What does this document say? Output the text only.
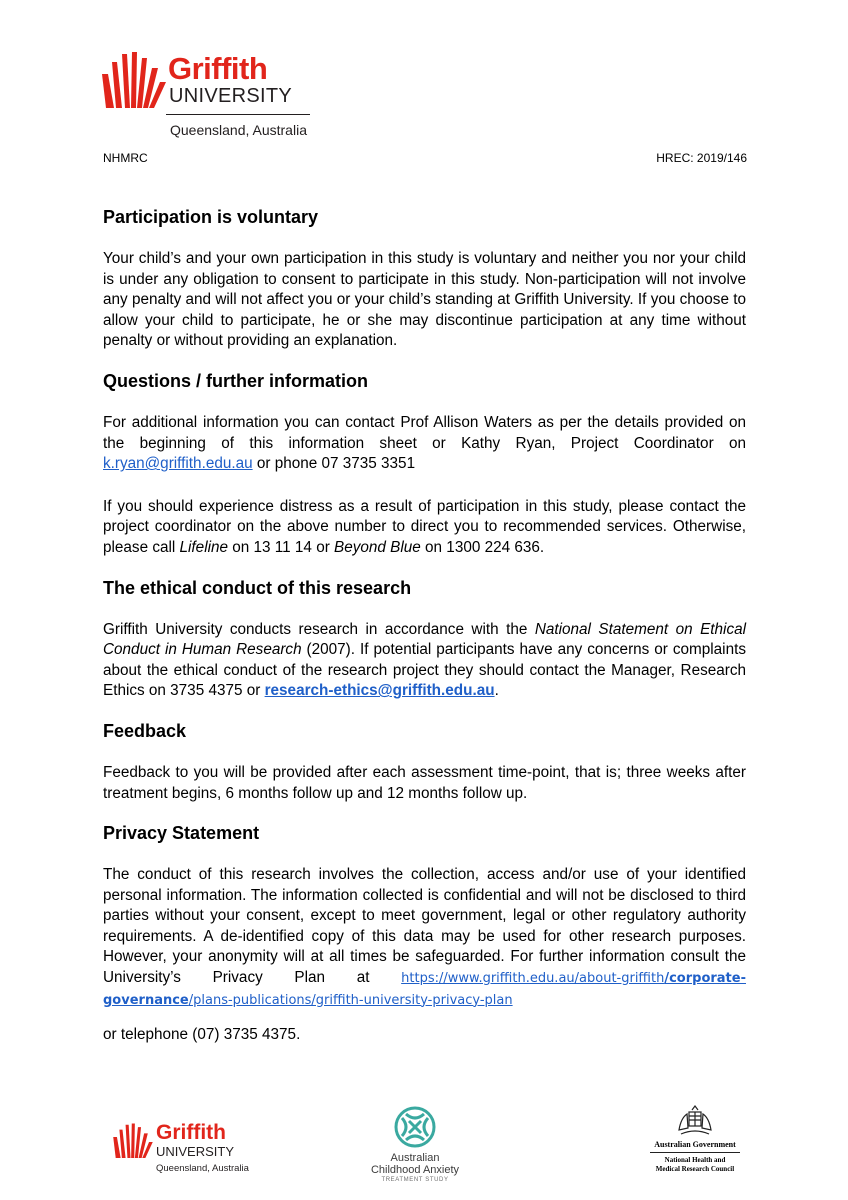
Griffith
UNIVERSITY
Queensland, Australia
NHMRC	HREC: 2019/146
Participation is voluntary

Your child’s and your own participation in this study is voluntary and neither you nor your child is under any obligation to consent to participate in this study. Non-participation will not involve any penalty and will not affect you or your child’s standing at Griffith University. If you choose to allow your child to participate, he or she may discontinue participation at any time without penalty or without providing an explanation.

Questions / further information

For additional information you can contact Prof Allison Waters as per the details provided on the beginning of this information sheet or Kathy Ryan, Project Coordinator on k.ryan@griffith.edu.au or phone 07 3735 3351

If you should experience distress as a result of participation in this study, please contact the project coordinator on the above number to direct you to recommended services. Otherwise, please call Lifeline on 13 11 14 or Beyond Blue on 1300 224 636.

The ethical conduct of this research

Griffith University conducts research in accordance with the National Statement on Ethical Conduct in Human Research (2007). If potential participants have any concerns or complaints about the ethical conduct of the research project they should contact the Manager, Research Ethics on 3735 4375 or research-ethics@griffith.edu.au.

Feedback

Feedback to you will be provided after each assessment time-point, that is; three weeks after treatment begins, 6 months follow up and 12 months follow up.

Privacy Statement

The conduct of this research involves the collection, access and/or use of your identified personal information. The information collected is confidential and will not be disclosed to third parties without your consent, except to meet government, legal or other regulatory authority requirements. A de-identified copy of this data may be used for other research purposes. However, your anonymity will at all times be safeguarded. For further information consult the University’s Privacy Plan at https://www.griffith.edu.au/about-griffith/corporate-governance/plans-publications/griffith-university-privacy-plan

or telephone (07) 3735 4375.

Griffith
UNIVERSITY
Queensland, Australia
Australian
Childhood Anxiety
TREATMENT STUDY
Australian Government
National Health and
Medical Research Council
